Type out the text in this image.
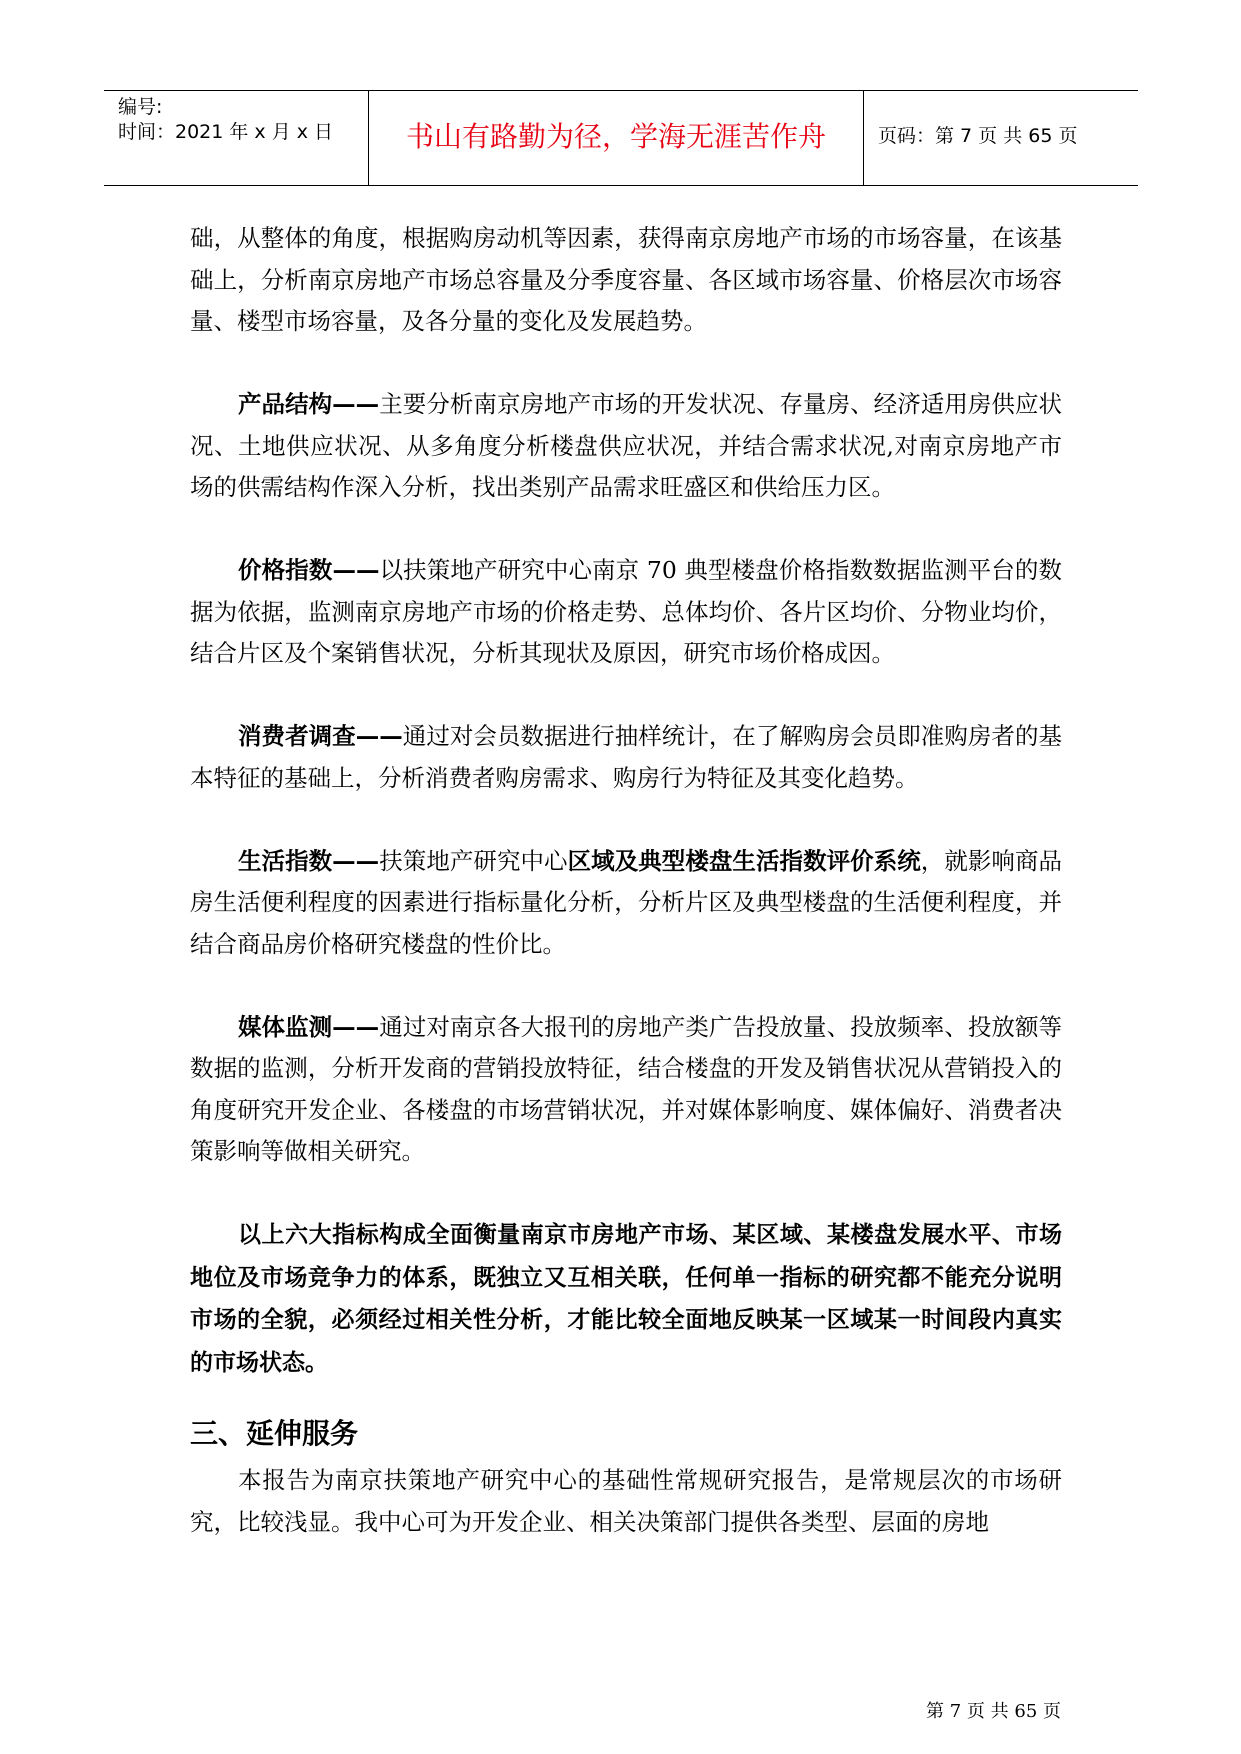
编号:
时间：2021 年 x 月 x 日	书山有路勤为径，学海无涯苦作舟	页码：第 7 页 共 65 页

础，从整体的角度，根据购房动机等因素，获得南京房地产市场的市场容量，在该基础上，分析南京房地产市场总容量及分季度容量、各区域市场容量、价格层次市场容量、楼型市场容量，及各分量的变化及发展趋势。

产品结构——主要分析南京房地产市场的开发状况、存量房、经济适用房供应状况、土地供应状况、从多角度分析楼盘供应状况，并结合需求状况,对南京房地产市场的供需结构作深入分析，找出类别产品需求旺盛区和供给压力区。

价格指数——以扶策地产研究中心南京 70 典型楼盘价格指数数据监测平台的数据为依据，监测南京房地产市场的价格走势、总体均价、各片区均价、分物业均价，结合片区及个案销售状况，分析其现状及原因，研究市场价格成因。

消费者调查——通过对会员数据进行抽样统计，在了解购房会员即准购房者的基本特征的基础上，分析消费者购房需求、购房行为特征及其变化趋势。

生活指数——扶策地产研究中心区域及典型楼盘生活指数评价系统，就影响商品房生活便利程度的因素进行指标量化分析，分析片区及典型楼盘的生活便利程度，并结合商品房价格研究楼盘的性价比。

媒体监测——通过对南京各大报刊的房地产类广告投放量、投放频率、投放额等数据的监测，分析开发商的营销投放特征，结合楼盘的开发及销售状况从营销投入的角度研究开发企业、各楼盘的市场营销状况，并对媒体影响度、媒体偏好、消费者决策影响等做相关研究。

以上六大指标构成全面衡量南京市房地产市场、某区域、某楼盘发展水平、市场地位及市场竞争力的体系，既独立又互相关联，任何单一指标的研究都不能充分说明市场的全貌，必须经过相关性分析，才能比较全面地反映某一区域某一时间段内真实的市场状态。

三、延伸服务

本报告为南京扶策地产研究中心的基础性常规研究报告，是常规层次的市场研究，比较浅显。我中心可为开发企业、相关决策部门提供各类型、层面的房地

第 7 页 共 65 页
